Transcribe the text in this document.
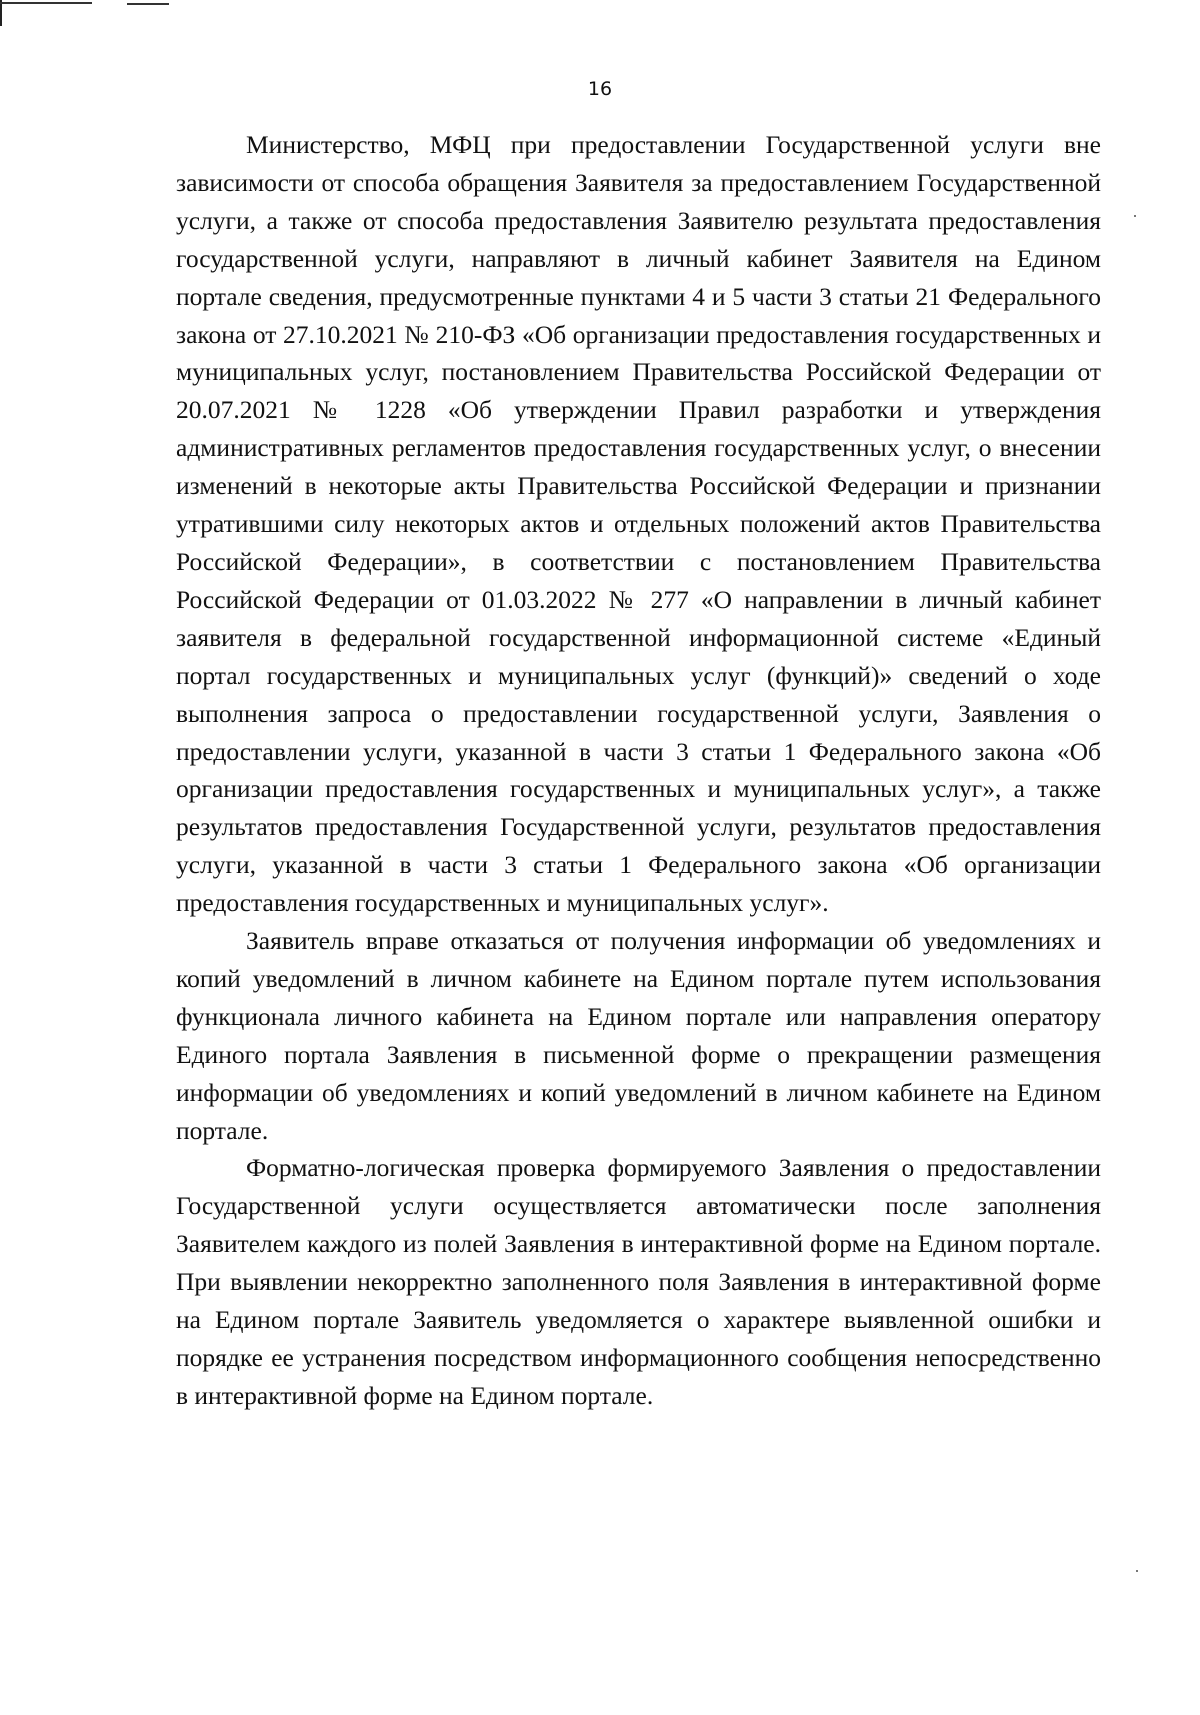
16

Министерство, МФЦ при предоставлении Государственной услуги вне зависимости от способа обращения Заявителя за предоставлением Государственной услуги, а также от способа предоставления Заявителю результата предоставления государственной услуги, направляют в личный кабинет Заявителя на Едином портале сведения, предусмотренные пунктами 4 и 5 части 3 статьи 21 Федерального закона от 27.10.2021 № 210-ФЗ «Об организации предоставления государственных и муниципальных услуг, постановлением Правительства Российской Федерации от 20.07.2021 № 1228 «Об утверждении Правил разработки и утверждения административных регламентов предоставления государственных услуг, о внесении изменений в некоторые акты Правительства Российской Федерации и признании утратившими силу некоторых актов и отдельных положений актов Правительства Российской Федерации», в соответствии с постановлением Правительства Российской Федерации от 01.03.2022 № 277 «О направлении в личный кабинет заявителя в федеральной государственной информационной системе «Единый портал государственных и муниципальных услуг (функций)» сведений о ходе выполнения запроса о предоставлении государственной услуги, Заявления о предоставлении услуги, указанной в части 3 статьи 1 Федерального закона «Об организации предоставления государственных и муниципальных услуг», а также результатов предоставления Государственной услуги, результатов предоставления услуги, указанной в части 3 статьи 1 Федерального закона «Об организации предоставления государственных и муниципальных услуг».

Заявитель вправе отказаться от получения информации об уведомлениях и копий уведомлений в личном кабинете на Едином портале путем использования функционала личного кабинета на Едином портале или направления оператору Единого портала Заявления в письменной форме о прекращении размещения информации об уведомлениях и копий уведомлений в личном кабинете на Едином портале.

Форматно-логическая проверка формируемого Заявления о предоставлении Государственной услуги осуществляется автоматически после заполнения Заявителем каждого из полей Заявления в интерактивной форме на Едином портале. При выявлении некорректно заполненного поля Заявления в интерактивной форме на Едином портале Заявитель уведомляется о характере выявленной ошибки и порядке ее устранения посредством информационного сообщения непосредственно в интерактивной форме на Едином портале.
